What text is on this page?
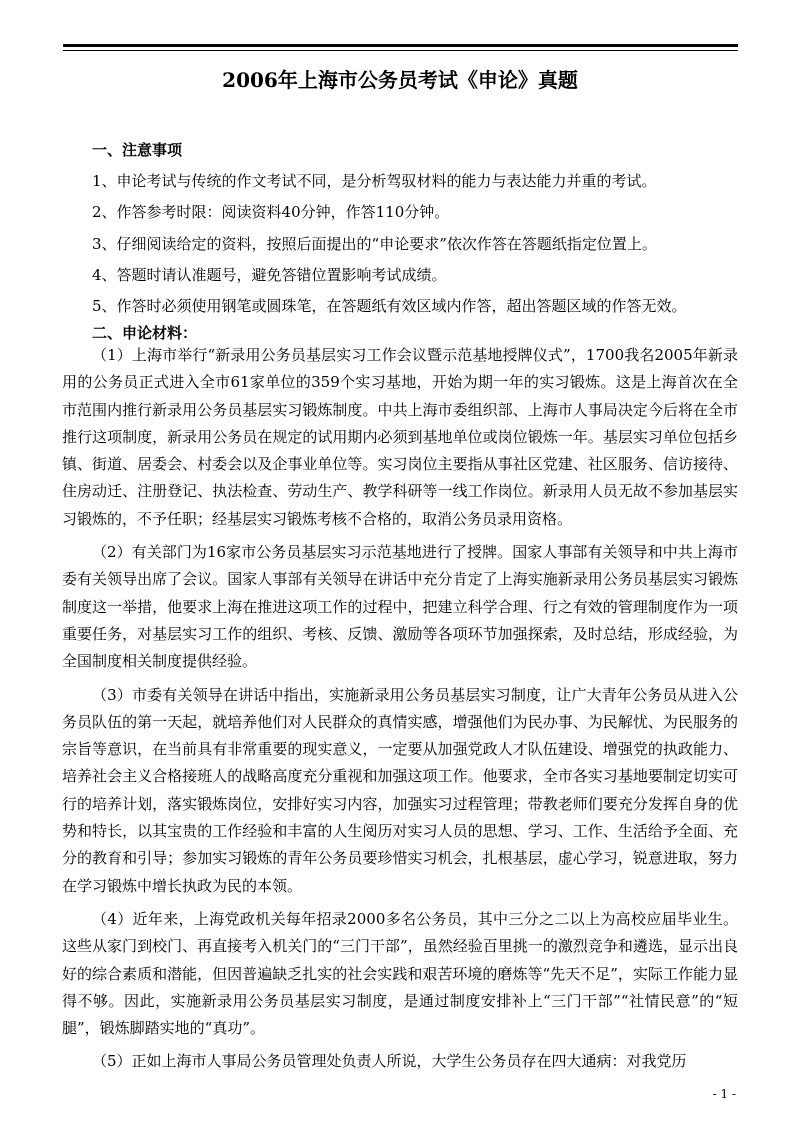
2006年上海市公务员考试《申论》真题
一、注意事项

1、申论考试与传统的作文考试不同，是分析驾驭材料的能力与表达能力并重的考试。

2、作答参考时限：阅读资料40分钟，作答110分钟。

3、仔细阅读给定的资料，按照后面提出的“申论要求”依次作答在答题纸指定位置上。

4、答题时请认准题号，避免答错位置影响考试成绩。

5、作答时必须使用钢笔或圆珠笔，在答题纸有效区域内作答，超出答题区域的作答无效。

二、申论材料：

（1）上海市举行“新录用公务员基层实习工作会议暨示范基地授牌仪式”，1700我名2005年新录用的公务员正式进入全市61家单位的359个实习基地，开始为期一年的实习锻炼。这是上海首次在全市范围内推行新录用公务员基层实习锻炼制度。中共上海市委组织部、上海市人事局决定今后将在全市推行这项制度，新录用公务员在规定的试用期内必须到基地单位或岗位锻炼一年。基层实习单位包括乡镇、街道、居委会、村委会以及企事业单位等。实习岗位主要指从事社区党建、社区服务、信访接待、住房动迁、注册登记、执法检查、劳动生产、教学科研等一线工作岗位。新录用人员无故不参加基层实习锻炼的，不予任职；经基层实习锻炼考核不合格的，取消公务员录用资格。

（2）有关部门为16家市公务员基层实习示范基地进行了授牌。国家人事部有关领导和中共上海市委有关领导出席了会议。国家人事部有关领导在讲话中充分肯定了上海实施新录用公务员基层实习锻炼制度这一举措，他要求上海在推进这项工作的过程中，把建立科学合理、行之有效的管理制度作为一项重要任务，对基层实习工作的组织、考核、反馈、激励等各项环节加强探索，及时总结，形成经验，为全国制度相关制度提供经验。

（3）市委有关领导在讲话中指出，实施新录用公务员基层实习制度，让广大青年公务员从进入公务员队伍的第一天起，就培养他们对人民群众的真情实感，增强他们为民办事、为民解忧、为民服务的宗旨等意识，在当前具有非常重要的现实意义，一定要从加强党政人才队伍建设、增强党的执政能力、培养社会主义合格接班人的战略高度充分重视和加强这项工作。他要求，全市各实习基地要制定切实可行的培养计划，落实锻炼岗位，安排好实习内容，加强实习过程管理；带教老师们要充分发挥自身的优势和特长，以其宝贵的工作经验和丰富的人生阅历对实习人员的思想、学习、工作、生活给予全面、充分的教育和引导；参加实习锻炼的青年公务员要珍惜实习机会，扎根基层，虚心学习，锐意进取，努力在学习锻炼中增长执政为民的本领。

（4）近年来，上海党政机关每年招录2000多名公务员，其中三分之二以上为高校应届毕业生。这些从家门到校门、再直接考入机关门的“三门干部”，虽然经验百里挑一的激烈竞争和遴选，显示出良好的综合素质和潜能，但因普遍缺乏扎实的社会实践和艰苦环境的磨炼等“先天不足”，实际工作能力显得不够。因此，实施新录用公务员基层实习制度，是通过制度安排补上“三门干部”“社情民意”的“短腿”，锻炼脚踏实地的“真功”。

（5）正如上海市人事局公务员管理处负责人所说，大学生公务员存在四大通病：对我党历

- 1 -
